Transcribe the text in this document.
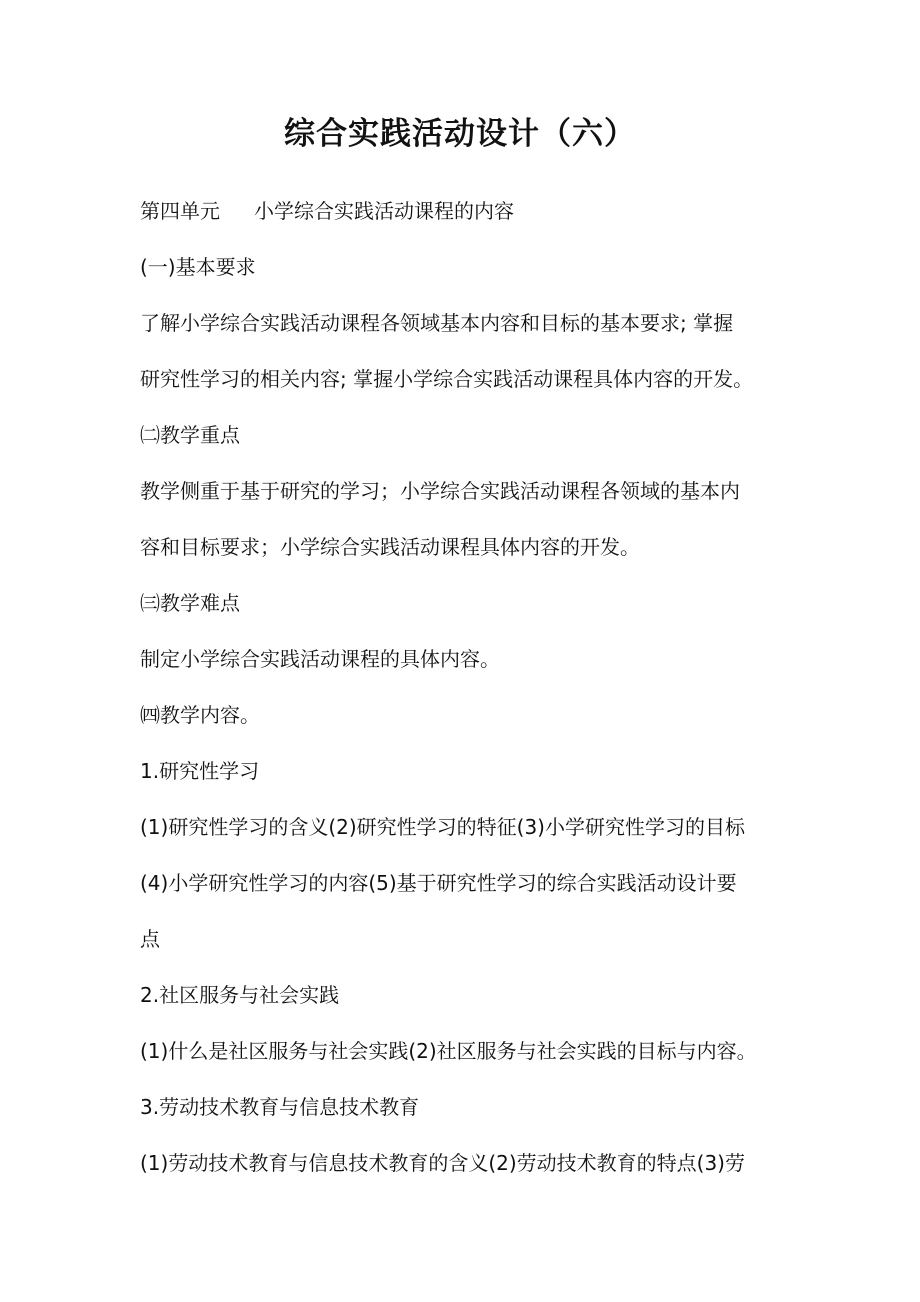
综合实践活动设计（六）

第四单元 小学综合实践活动课程的内容

(一)基本要求

了解小学综合实践活动课程各领域基本内容和目标的基本要求; 掌握

研究性学习的相关内容; 掌握小学综合实践活动课程具体内容的开发。

㈡教学重点

教学侧重于基于研究的学习；小学综合实践活动课程各领域的基本内

容和目标要求；小学综合实践活动课程具体内容的开发。

㈢教学难点

制定小学综合实践活动课程的具体内容。

㈣教学内容。

1.研究性学习

(1)研究性学习的含义(2)研究性学习的特征(3)小学研究性学习的目标

(4)小学研究性学习的内容(5)基于研究性学习的综合实践活动设计要

点

2.社区服务与社会实践

(1)什么是社区服务与社会实践(2)社区服务与社会实践的目标与内容。

3.劳动技术教育与信息技术教育

(1)劳动技术教育与信息技术教育的含义(2)劳动技术教育的特点(3)劳
